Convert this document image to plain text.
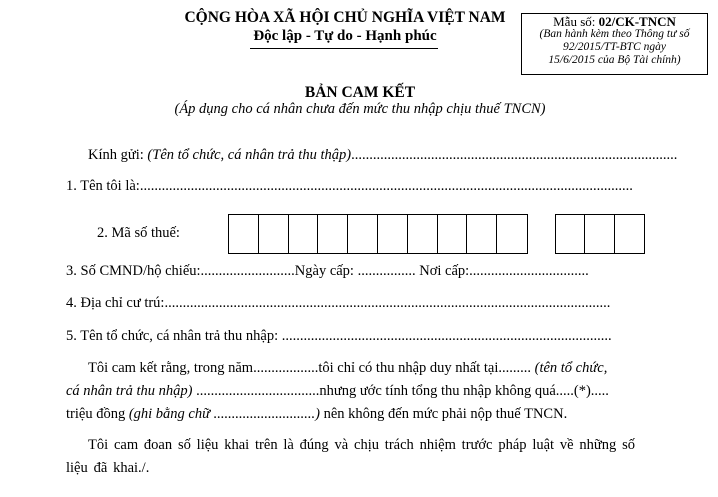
CỘNG HÒA XÃ HỘI CHỦ NGHĨA VIỆT NAM
Độc lập - Tự do - Hạnh phúc
Mẫu số: 02/CK-TNCN
(Ban hành kèm theo Thông tư số
92/2015/TT-BTC ngày
15/6/2015 của Bộ Tài chính)
BẢN CAM KẾT
(Áp dụng cho cá nhân chưa đến mức thu nhập chịu thuế TNCN)
Kính gửi: (Tên tổ chức, cá nhân trả thu thập)..........................................................................................
1. Tên tôi là:........................................................................................................................................
2. Mã số thuế:
3. Số CMND/hộ chiếu:..........................Ngày cấp: ................ Nơi cấp:.................................
4. Địa chỉ cư trú:...........................................................................................................................
5. Tên tổ chức, cá nhân trả thu nhập: ...........................................................................................
Tôi cam kết rằng, trong năm..................tôi chỉ có thu nhập duy nhất tại......... (tên tổ chức,
cá nhân trả thu nhập) ..................................nhưng ước tính tổng thu nhập không quá.....(*).....
triệu đồng (ghi bằng chữ ............................) nên không đến mức phải nộp thuế TNCN.
Tôi cam đoan số liệu khai trên là đúng và chịu trách nhiệm trước pháp luật về những số
liệu đã khai./.
